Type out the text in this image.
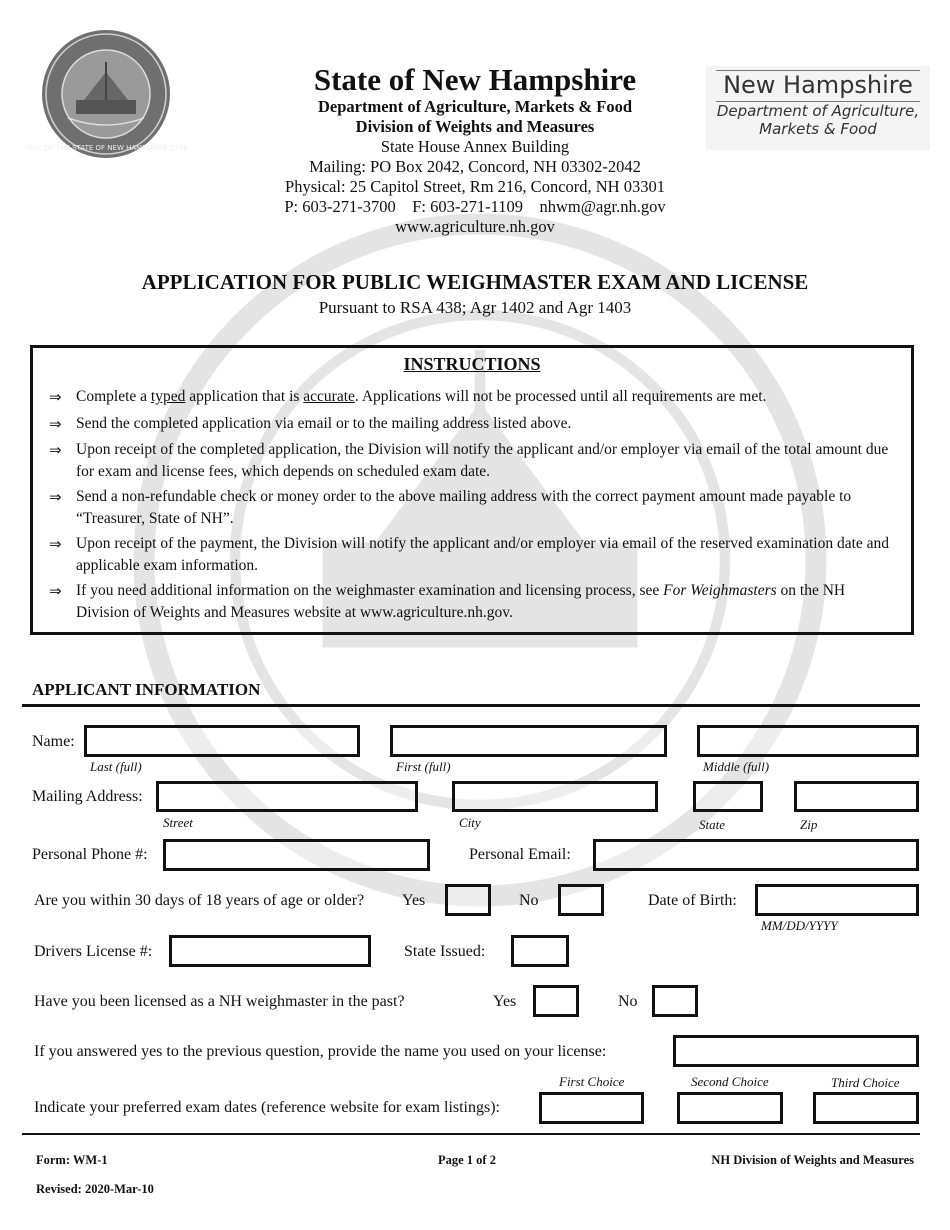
SEAL OF THE STATE OF NEW HAMPSHIRE 1776
State of New Hampshire
Department of Agriculture, Markets & Food
Division of Weights and Measures
State House Annex Building
Mailing: PO Box 2042, Concord, NH 03302-2042
Physical: 25 Capitol Street, Rm 216, Concord, NH 03301
P: 603-271-3700    F: 603-271-1109    nhwm@agr.nh.gov
www.agriculture.nh.gov
New Hampshire
Department of Agriculture,
Markets & Food
APPLICATION FOR PUBLIC WEIGHMASTER EXAM AND LICENSE
Pursuant to RSA 438; Agr 1402 and Agr 1403
INSTRUCTIONS
⇒ Complete a typed application that is accurate. Applications will not be processed until all requirements are met.
⇒ Send the completed application via email or to the mailing address listed above.
⇒ Upon receipt of the completed application, the Division will notify the applicant and/or employer via email of the total amount due for exam and license fees, which depends on scheduled exam date.
⇒ Send a non-refundable check or money order to the above mailing address with the correct payment amount made payable to “Treasurer, State of NH”.
⇒ Upon receipt of the payment, the Division will notify the applicant and/or employer via email of the reserved examination date and applicable exam information.
⇒ If you need additional information on the weighmaster examination and licensing process, see For Weighmasters on the NH Division of Weights and Measures website at www.agriculture.nh.gov.
APPLICANT INFORMATION
Name:
Last (full)	First (full)	Middle (full)
Mailing Address:
Street	City	State	Zip
Personal Phone #:	Personal Email:
Are you within 30 days of 18 years of age or older? Yes	No	Date of Birth:
MM/DD/YYYY
Drivers License #:	State Issued:
Have you been licensed as a NH weighmaster in the past?	Yes	No
If you answered yes to the previous question, provide the name you used on your license:
First Choice	Second Choice	Third Choice
Indicate your preferred exam dates (reference website for exam listings):
Form: WM-1	Page 1 of 2	NH Division of Weights and Measures
Revised: 2020-Mar-10
